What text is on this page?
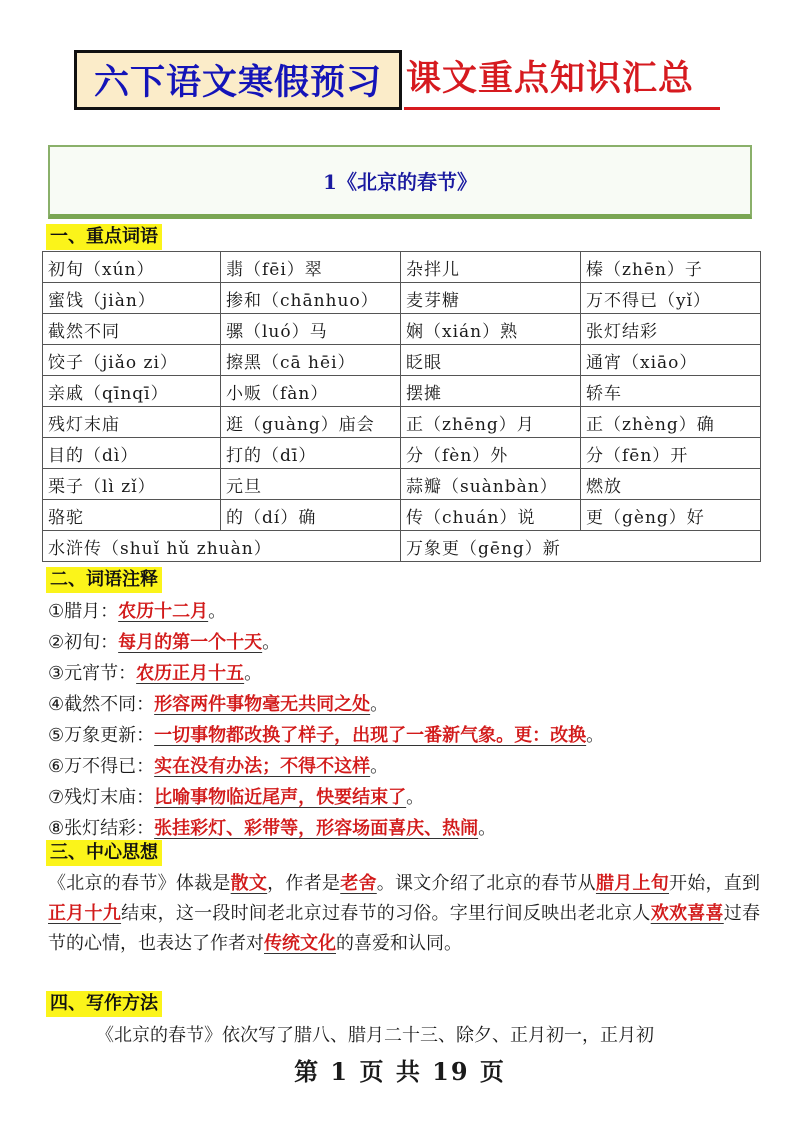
六下语文寒假预习 课文重点知识汇总
1《北京的春节》
一、重点词语
初旬（xún）	翡（fēi）翠	杂拌儿	榛（zhēn）子
蜜饯（jiàn）	掺和（chānhuo）	麦芽糖	万不得已（yǐ）
截然不同	骡（luó）马	娴（xián）熟	张灯结彩
饺子（jiǎo zi）	擦黑（cā hēi）	眨眼	通宵（xiāo）
亲戚（qīnqī）	小贩（fàn）	摆摊	轿车
残灯末庙	逛（guàng）庙会	正（zhēng）月	正（zhèng）确
目的（dì）	打的（dī）	分（fèn）外	分（fēn）开
栗子（lì zǐ）	元旦	蒜瓣（suànbàn）	燃放
骆驼	的（dí）确	传（chuán）说	更（gèng）好
水浒传（shuǐ hǔ zhuàn）		万象更（gēng）新	
二、词语注释
①腊月：农历十二月。
②初旬：每月的第一个十天。
③元宵节：农历正月十五。
④截然不同：形容两件事物毫无共同之处。
⑤万象更新：一切事物都改换了样子，出现了一番新气象。更：改换。
⑥万不得已：实在没有办法；不得不这样。
⑦残灯末庙：比喻事物临近尾声，快要结束了。
⑧张灯结彩：张挂彩灯、彩带等，形容场面喜庆、热闹。
三、中心思想
《北京的春节》体裁是散文，作者是老舍。课文介绍了北京的春节从腊月上旬开始，直到正月十九结束，这一段时间老北京过春节的习俗。字里行间反映出老北京人欢欢喜喜过春节的心情，也表达了作者对传统文化的喜爱和认同。
四、写作方法
《北京的春节》依次写了腊八、腊月二十三、除夕、正月初一，正月初
第 1 页 共 19 页
